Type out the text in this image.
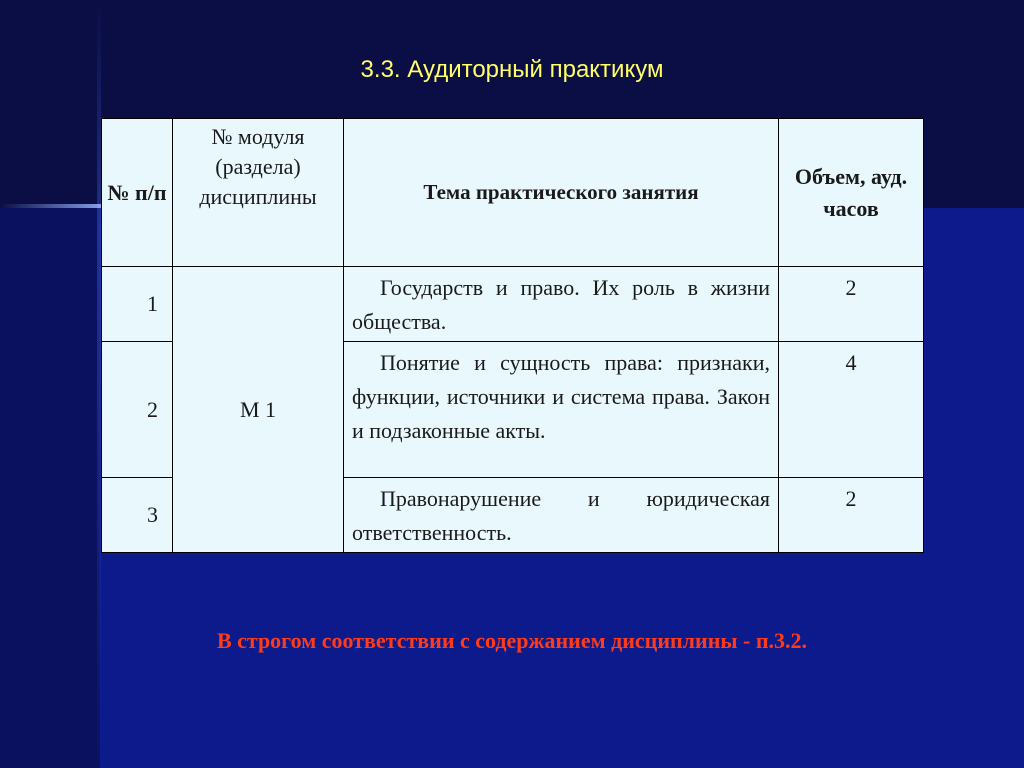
3.3. Аудиторный практикум
№ п/п	№ модуля (раздела) дисциплины	Тема практического занятия	Объем, ауд. часов
1	М 1	Государств и право. Их роль в жизни общества.	2
2		Понятие и сущность права: признаки, функции, источники и система права. Закон и подзаконные акты.	4
3		Правонарушение и юридическая ответственность.	2
В строгом соответствии с содержанием дисциплины - п.3.2.
